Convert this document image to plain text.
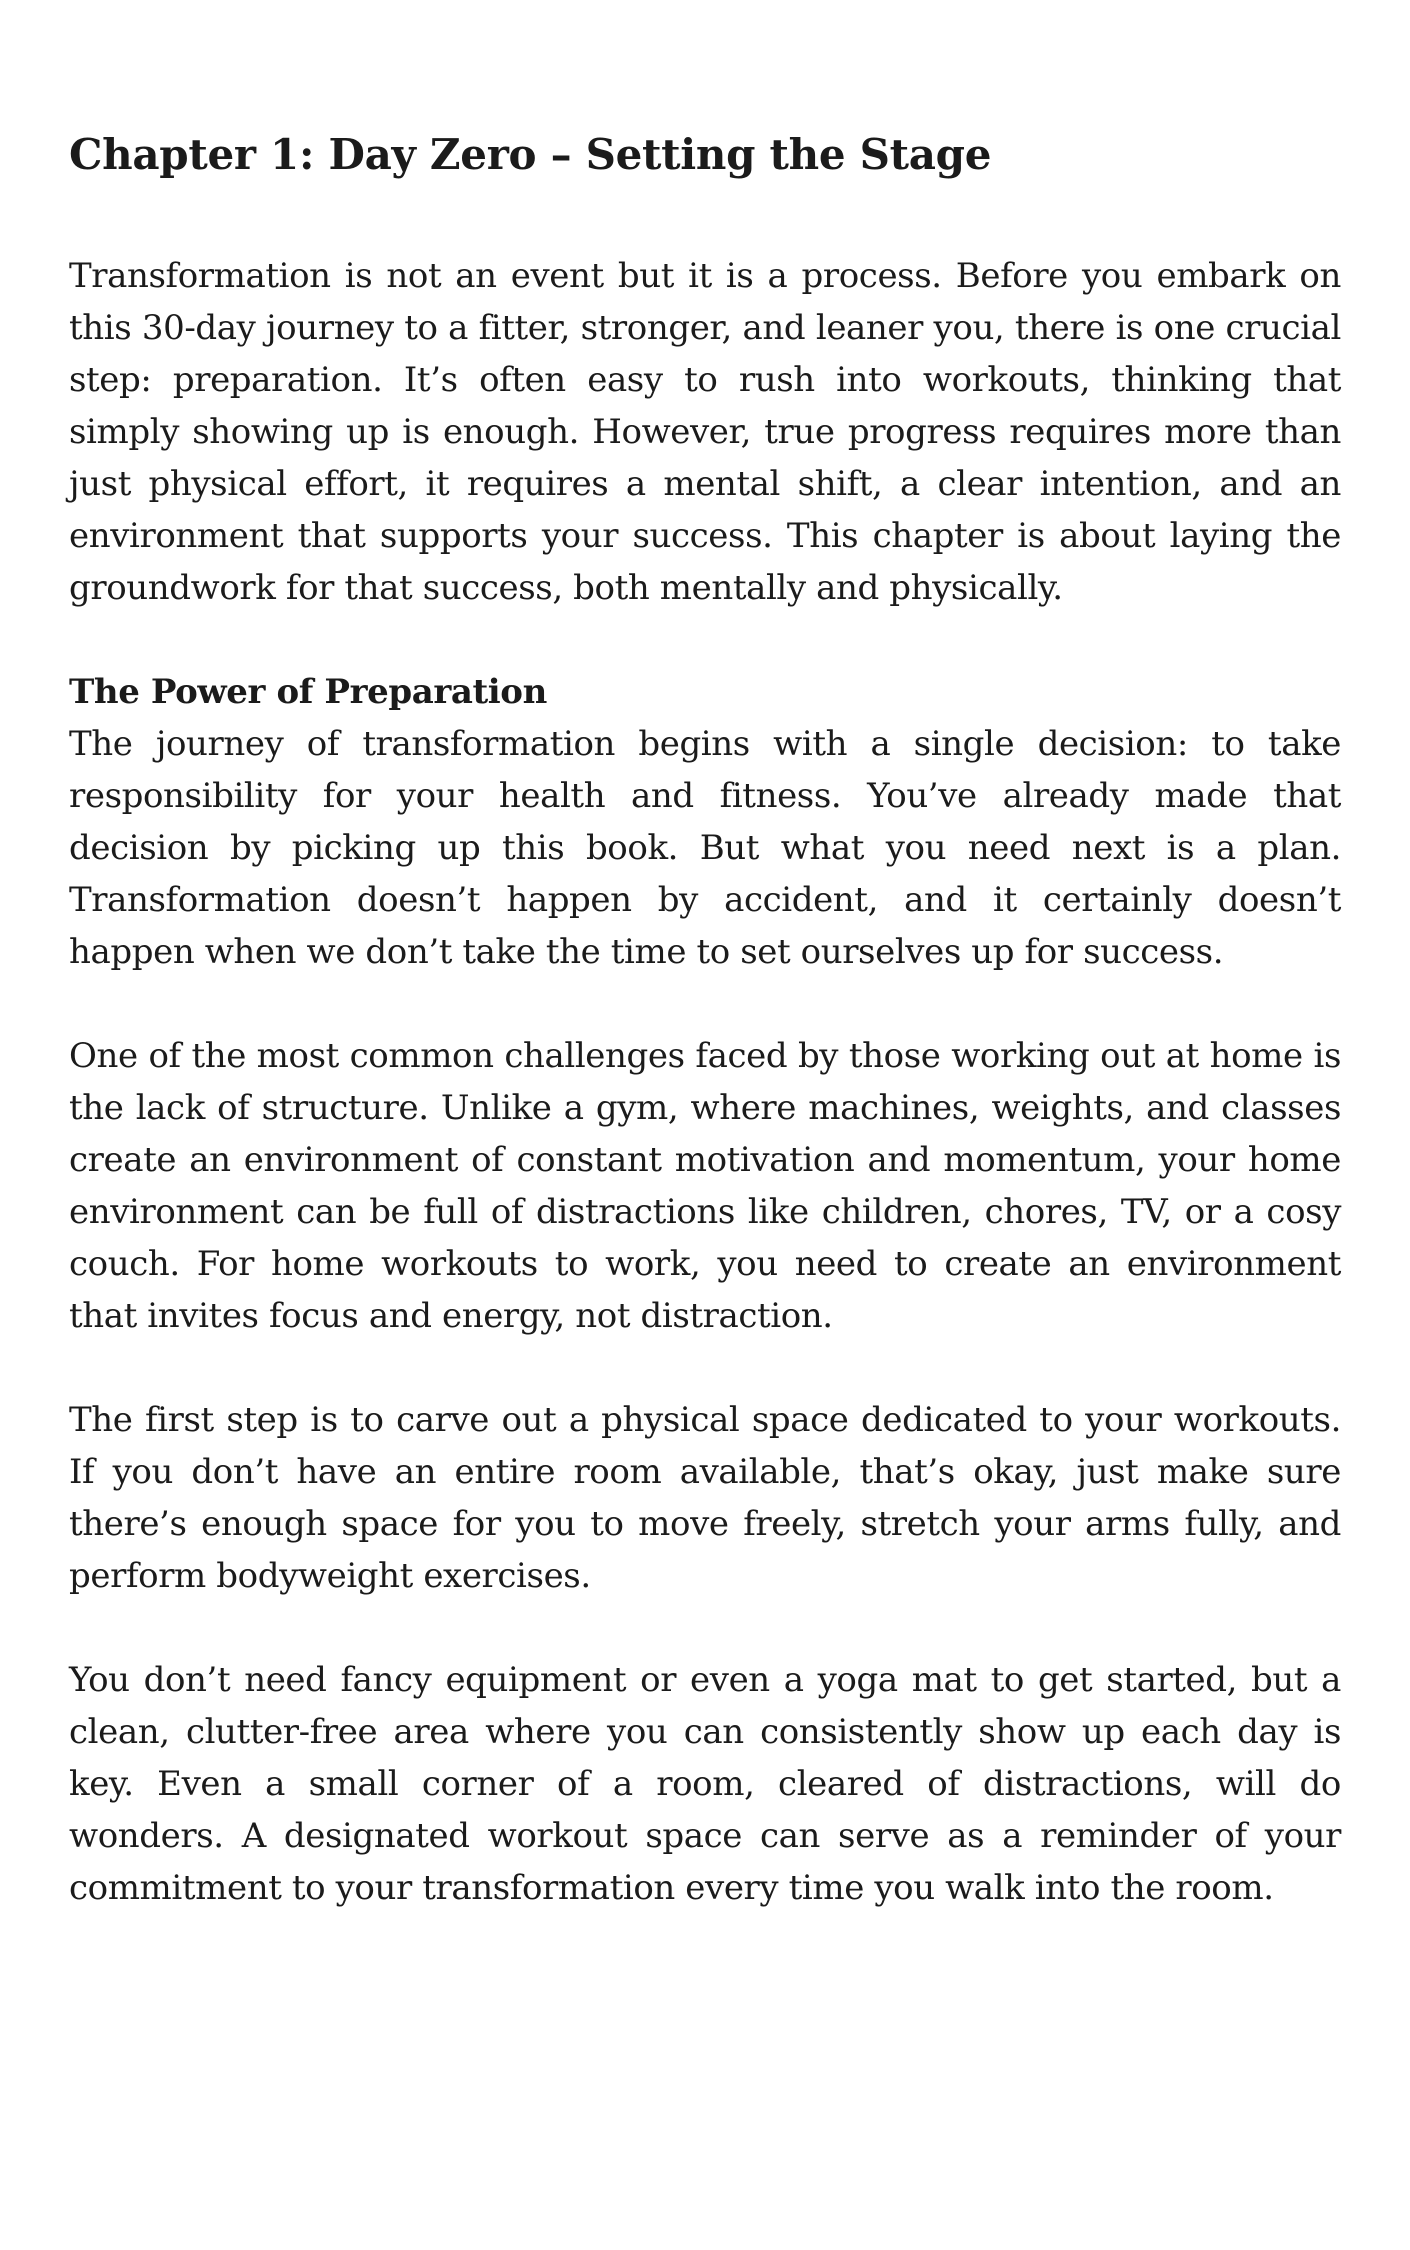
Chapter 1: Day Zero – Setting the Stage

Transformation is not an event but it is a process. Before you embark on this 30-day journey to a fitter, stronger, and leaner you, there is one crucial step: preparation. It’s often easy to rush into workouts, thinking that simply showing up is enough. However, true progress requires more than just physical effort, it requires a mental shift, a clear intention, and an environment that supports your success. This chapter is about laying the groundwork for that success, both mentally and physically.

The Power of Preparation

The journey of transformation begins with a single decision: to take responsibility for your health and fitness. You’ve already made that decision by picking up this book. But what you need next is a plan. Transformation doesn’t happen by accident, and it certainly doesn’t happen when we don’t take the time to set ourselves up for success.

One of the most common challenges faced by those working out at home is the lack of structure. Unlike a gym, where machines, weights, and classes create an environment of constant motivation and momentum, your home environment can be full of distractions like children, chores, TV, or a cosy couch. For home workouts to work, you need to create an environment that invites focus and energy, not distraction.

The first step is to carve out a physical space dedicated to your workouts. If you don’t have an entire room available, that’s okay, just make sure there’s enough space for you to move freely, stretch your arms fully, and perform bodyweight exercises.

You don’t need fancy equipment or even a yoga mat to get started, but a clean, clutter-free area where you can consistently show up each day is key. Even a small corner of a room, cleared of distractions, will do wonders. A designated workout space can serve as a reminder of your commitment to your transformation every time you walk into the room.
